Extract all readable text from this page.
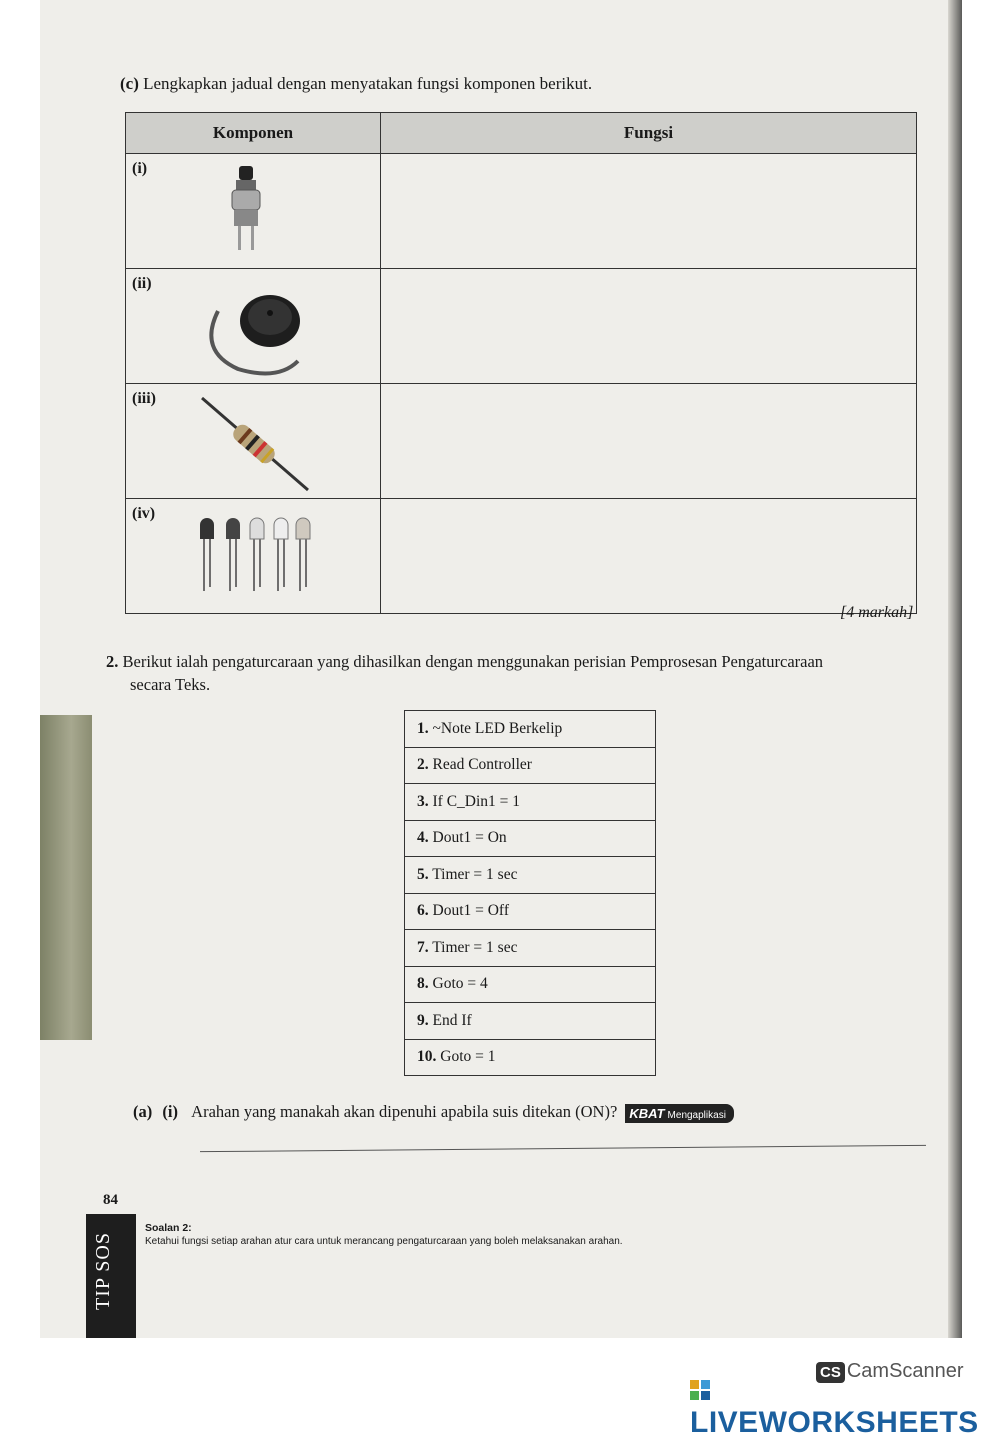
(c) Lengkapkan jadual dengan menyatakan fungsi komponen berikut.
Komponen	Fungsi

(i)	

(ii)	

(iii)	

(iv)	

[4 markah]
2. Berikut ialah pengaturcaraan yang dihasilkan dengan menggunakan perisian Pemprosesan Pengaturcaraan
secara Teks.
1. ~Note LED Berkelip
2. Read Controller
3. If C_Din1 = 1
4. Dout1 = On
5. Timer = 1 sec
6. Dout1 = Off
7. Timer = 1 sec
8. Goto = 4
9. End If
10. Goto = 1
(a) (i) Arahan yang manakah akan dipenuhi apabila suis ditekan (ON)? KBAT Mengaplikasi
84
TIP SOS
Soalan 2:
Ketahui fungsi setiap arahan atur cara untuk merancang pengaturcaraan yang boleh melaksanakan arahan.
CS CamScanner
LIVEWORKSHEETS
